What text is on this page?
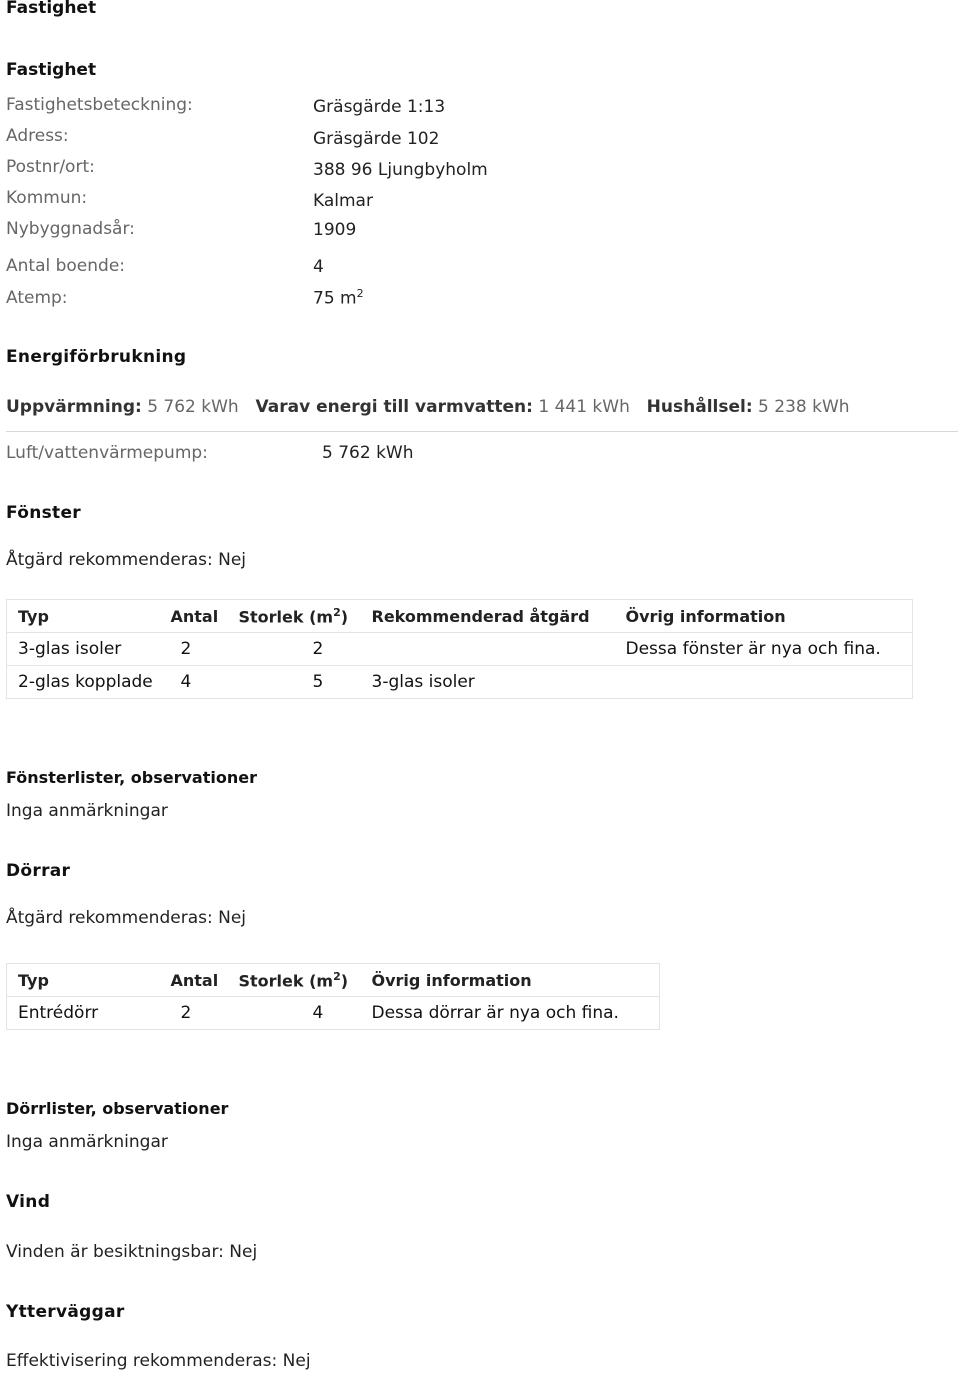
Fastighet
Fastighet
Fastighetsbeteckning:	Gräsgärde 1:13
Adress:	Gräsgärde 102
Postnr/ort:	388 96 Ljungbyholm
Kommun:	Kalmar
Nybyggnadsår:	1909
Antal boende:	4
Atemp:	75 $m^2$
Energiförbrukning
Uppvärmning: 5 762 kWh Varav energi till varmvatten: 1 441 kWh Hushållsel: 5 238 kWh
Luft/vattenvärmepump:	5 762 kWh
Fönster
Åtgärd rekommenderas: Nej
Typ	Antal	Storlek $(m^2)$	Rekommenderad åtgärd	Övrig information
3-glas isoler	2	2		Dessa fönster är nya och fina.
2-glas kopplade	4	5	3-glas isoler	
Fönsterlister, observationer
Inga anmärkningar
Dörrar
Åtgärd rekommenderas: Nej
Typ	Antal	Storlek $(m^2)$	Övrig information
Entrédörr	2	4	Dessa dörrar är nya och fina.
Dörrlister, observationer
Inga anmärkningar
Vind
Vinden är besiktningsbar: Nej
Ytterväggar
Effektivisering rekommenderas: Nej
